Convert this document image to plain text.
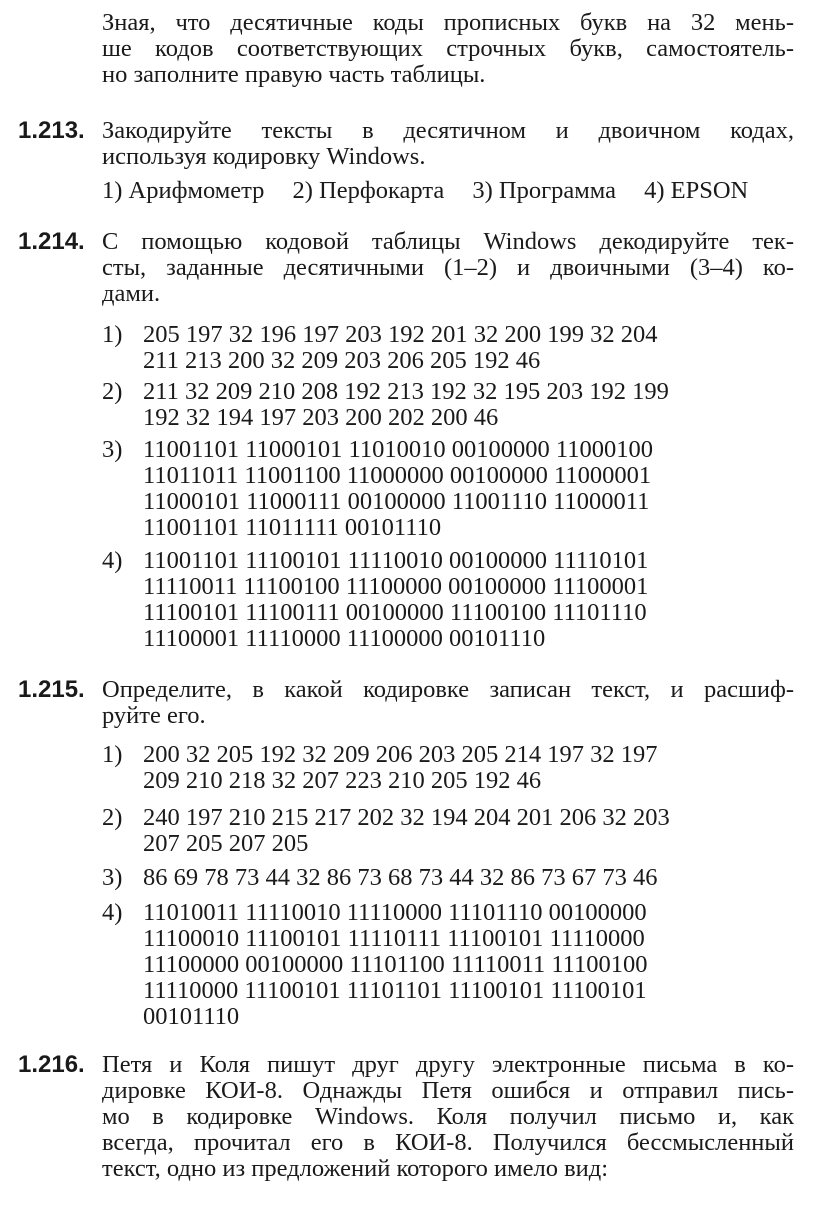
Зная, что десятичные коды прописных букв на 32 мень-
ше кодов соответствующих строчных букв, самостоятель-
но заполните правую часть таблицы.
1.213. Закодируйте тексты в десятичном и двоичном кодах,
используя кодировку Windows.
1) Арифмометр 2) Перфокарта 3) Программа 4) EPSON
1.214. С помощью кодовой таблицы Windows декодируйте тек-
сты, заданные десятичными (1–2) и двоичными (3–4) ко-
дами.
1) 205 197 32 196 197 203 192 201 32 200 199 32 204
211 213 200 32 209 203 206 205 192 46
2) 211 32 209 210 208 192 213 192 32 195 203 192 199
192 32 194 197 203 200 202 200 46
3) 11001101 11000101 11010010 00100000 11000100
11011011 11001100 11000000 00100000 11000001
11000101 11000111 00100000 11001110 11000011
11001101 11011111 00101110
4) 11001101 11100101 11110010 00100000 11110101
11110011 11100100 11100000 00100000 11100001
11100101 11100111 00100000 11100100 11101110
11100001 11110000 11100000 00101110
1.215. Определите, в какой кодировке записан текст, и расшиф-
руйте его.
1) 200 32 205 192 32 209 206 203 205 214 197 32 197
209 210 218 32 207 223 210 205 192 46
2) 240 197 210 215 217 202 32 194 204 201 206 32 203
207 205 207 205
3) 86 69 78 73 44 32 86 73 68 73 44 32 86 73 67 73 46
4) 11010011 11110010 11110000 11101110 00100000
11100010 11100101 11110111 11100101 11110000
11100000 00100000 11101100 11110011 11100100
11110000 11100101 11101101 11100101 11100101
00101110
1.216. Петя и Коля пишут друг другу электронные письма в ко-
дировке КОИ-8. Однажды Петя ошибся и отправил пись-
мо в кодировке Windows. Коля получил письмо и, как
всегда, прочитал его в КОИ-8. Получился бессмысленный
текст, одно из предложений которого имело вид:
